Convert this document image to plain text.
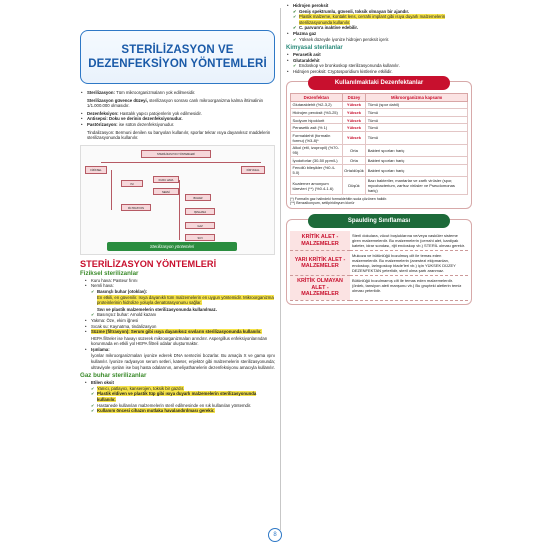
STERİLİZASYON VE
DEZENFEKSİYON YÖNTEMLERİ
• Sterilizasyon: Tüm mikroorganizmaların yok edilmesidir.

Sterilizasyon güvence düzeyi, sterilizasyon sonrası canlı mikroorganizma kalma ihtimalinin 1/1.000.000 olmasıdır.

• Dezenfeksiyon: Hastalık yapıcı patojenlerin yok edilmesidir.
• Antisepsi: Doku ve derinin dezenfeksiyonudur.
• Pastörizasyon: ise sütün dezenfeksiyonudur.

Tindalizasyon: Bermuni denilen su banyoları kullanılır, sporlar tekrar ısıya dayanıksız maddelerin sterilizasyonunda kullanılır.

STERİLİZASYON YÖNTEMLERİ
FİZİKSEL	KİMYASAL
ISI
KURU HAVA
NEMLİ
BUHAR
FİLTRASYON
IŞINLAMA
GAZ
SIVI
Sterilizasyon yöntemleri
STERİLİZASYON YÖNTEMLERİ
Fiziksel sterilizanlar
• Kuru hava: Pasteur fırını
• Nemli hava:
✔ Basınçlı buhar (otoklav):

En etkili, en güvenilir. Isıya dayanıklı tüm malzemelerin en uygun yöntemidir. Mikroorganizma proteinlerinin hidrolize yoluyla denatürasyonunu sağlar.

Sıvı ve plastik malzemelerin sterilizasyonunda kullanılmaz.

✔ Basınçsız buhar: Arnold kazanı
• Yakma: Öze, ekim iğnesi
• Sıcak su: Kaynatma, tindalizasyon
• Süzme (filtrasyon): Serum gibi ısıya dayanıksız sıvıların sterilizasyonunda kullanılır.

HEPA filtreler ise havayı süzerek mikroorganizmaları arındırır. Aspergillus enfeksiyonlarından korunmada en etkili yol HEPA filtreli odalar oluşturmaktır.

• Işınlama:

İyonlar mikroorganizmaları iyonize ederek DNA sentezini bozarlar. Bu amaçla X ve gama ışını kullanılır. İyonize radyasyon serum setleri, kateter, enjektör gibi malzemelerin sterilizasyonunda; ultraviyole ışınları ise boş hasta odalarının, ameliyathanelerin dezenfeksiyonu amacıyla kullanılır.

Gaz buhar sterilizanlar
• Etilen oksit
✔ Yanıcı, patlayıcı, kanserojen, toksik bir gazdır.
✔ Plastik eldiven ve plastik tüp gibi ısıya duyarlı malzemelerin sterilizasyonunda kullanılır.
✔ Hastanede kullanılan malzemelerin steril edilmesinde en sık kullanılan yöntemdir.
✔ Kullanım öncesi cihazın mutlaka havalandırılması gerekir.
• Hidrojen peroksit
✔ Geniş spektrumlu, güvenli, toksik olmayan bir ajandır.
✔ Plastik malzeme, kontakt lens, cerrahi implant gibi ısıya duyarlı malzemelerin sterilizasyonunda kullanılır.
✔ C. parvum'a inaktive edebilir.
• Plazma gaz
✔ Yüksek düzeyde iyonize hidrojen peroksit içerir.
Kimyasal sterilanlar
• Perasetik asit
• Glutaraldehit
✔ Endoskop ve bronkoskop sterilizasyonunda kullanılır.
• Hidrojen peroksit: Cryptosporidium kistlerine etkilidir.
Kullanılmaktaki Dezenfektanlar
Dezenfektan	Düzey	Mikroorganizma kapsamı
Glutaraldehit (%2-3,2)	Yüksek	Tümü (spor dahil)
Hidrojen peroksit (%3-25)	Yüksek	Tümü
Sodyum hipoklorit	Yüksek	Tümü
Perasetik asit (% 1)	Yüksek	Tümü
Formaldehit (formalin formu) (%3-8)*	Yüksek	Tümü
Alkol (etil, izopropil) (%70-95)	Orta	Bakteri sporları hariç
İyodoforlar (30-50 ppm/L)	Orta	Bakteri sporları hariç
Fenollü bileşikler (%0.4-5.0)	Orta/düşük	Bakteri sporları hariç
Kuaterner amonyum türevleri (**) (%0.4-1.6)	Düşük	Bazı bakteriler, mantarlar ve zarflı virüsler (spor, mycobacterium, zarfsız virüsler ve Pseudomonas hariç)

(*) Formalin gaz halindeki formaldehitin suda çözünen halidir.

(**) Benzalkonyum, setilpiridinyum klorür

Spaulding Sınıflaması
KRİTİK ALET - MALZEMELER	Steril dokulara, vücut boşluklarına ve/veya vasküler sisteme giren malzemelerdir. Bu malzemelerin (cerrahi alet, kardiyak kateter, idrar sondası, rijit endoskop vb.) STERİL olması gerekir.
YARI KRİTİK ALET - MALZEMELER	Mukoza ve bütünlüğü bozulmuş cilt ile temas eden malzemelerdir. Bu malzemelerin (anestezi ekipmanları, endoskop, laringoskop blade'leri vb.) için YÜKSEK DÜZEY DEZENFEKTAN yeterlidir, steril olma şartı aranmaz.
KRİTİK OLMAYAN ALET - MALZEMELER	Bütünlüğü bozulmamış cilt ile temas eden malzemelerdir. (ördek, tansiyon aleti manşonu vb.) Bu grupteki aletlerin temiz olması yeterlidir.
8
